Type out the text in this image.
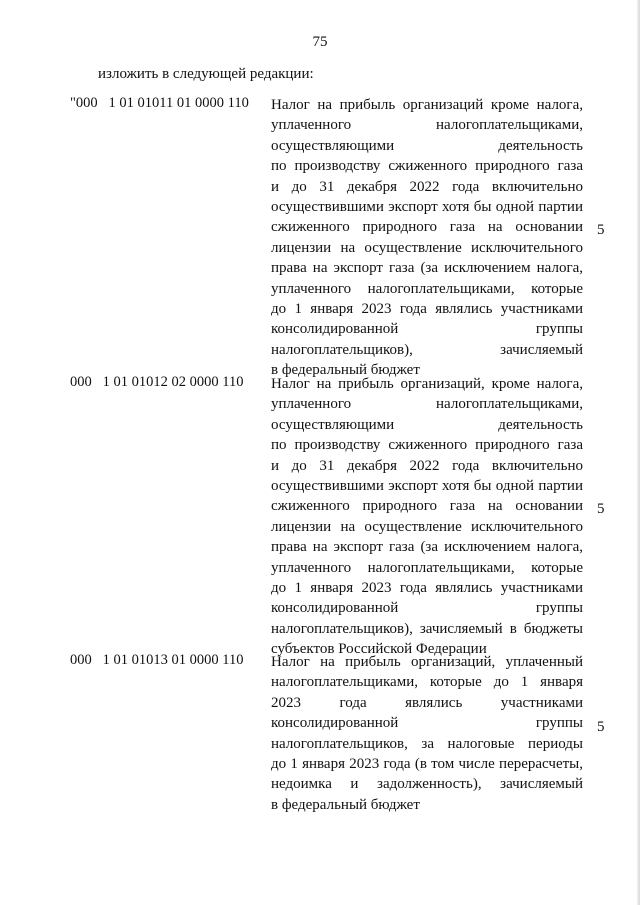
75
изложить в следующей редакции:
"000   1 01 01011 01 0000 110 Налог на прибыль организаций кроме налога,
уплаченного налогоплательщиками,
осуществляющими деятельность
по производству сжиженного природного газа
и до 31 декабря 2022 года включительно
осуществившими экспорт хотя бы одной партии
сжиженного природного газа на основании
лицензии на осуществление исключительного
права на экспорт газа (за исключением налога,
уплаченного налогоплательщиками, которые
до 1 января 2023 года являлись участниками
консолидированной группы
налогоплательщиков), зачисляемый
в федеральный бюджет
5
000   1 01 01012 02 0000 110 Налог на прибыль организаций, кроме налога,
уплаченного налогоплательщиками,
осуществляющими деятельность
по производству сжиженного природного газа
и до 31 декабря 2022 года включительно
осуществившими экспорт хотя бы одной партии
сжиженного природного газа на основании
лицензии на осуществление исключительного
права на экспорт газа (за исключением налога,
уплаченного налогоплательщиками, которые
до 1 января 2023 года являлись участниками
консолидированной группы
налогоплательщиков), зачисляемый в бюджеты
субъектов Российской Федерации
5
000   1 01 01013 01 0000 110 Налог на прибыль организаций, уплаченный
налогоплательщиками, которые до 1 января
2023 года являлись участниками
консолидированной группы
налогоплательщиков, за налоговые периоды
до 1 января 2023 года (в том числе перерасчеты,
недоимка и задолженность), зачисляемый
в федеральный бюджет
5
